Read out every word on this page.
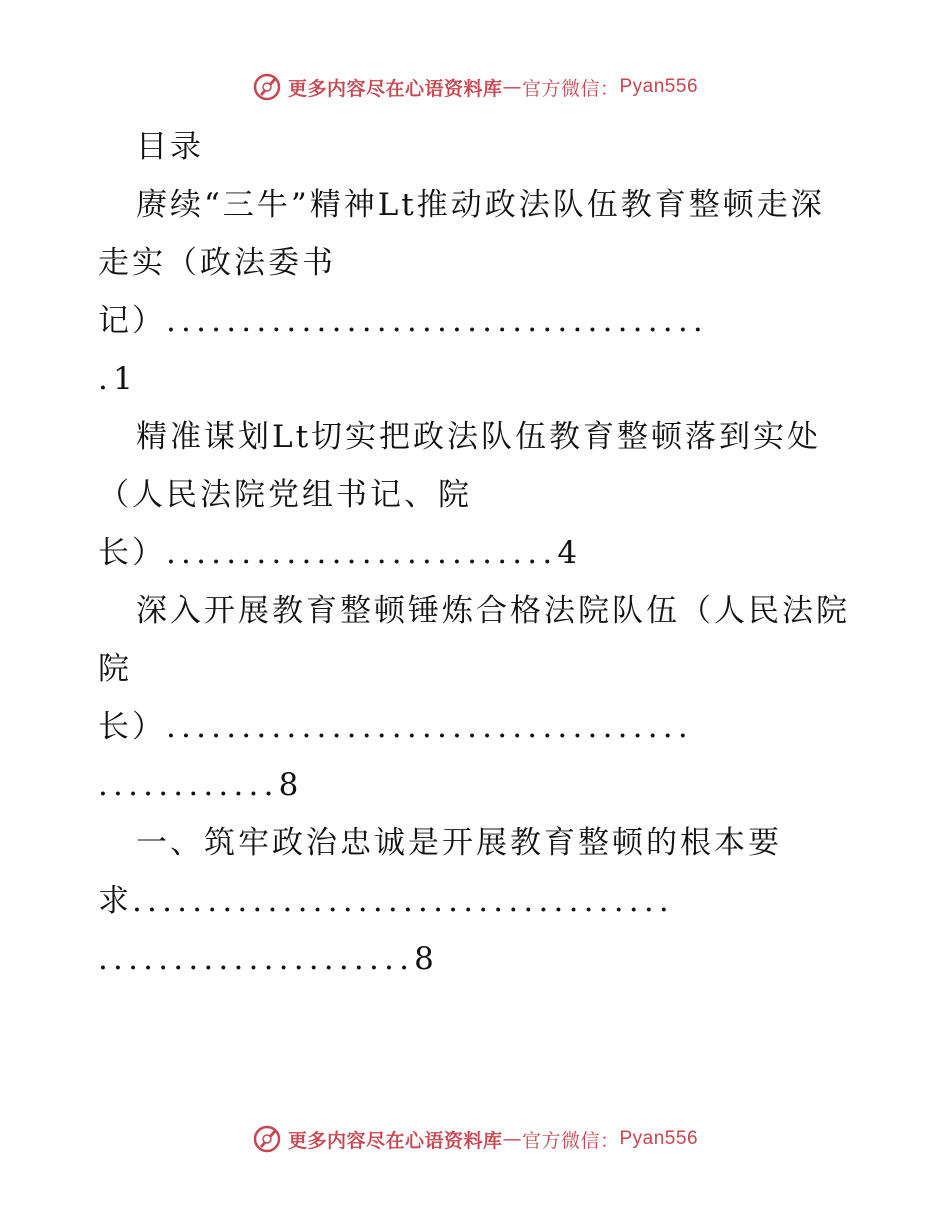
更多内容尽在心语资料库 — 官方微信： Pyan556
目录
赓续“三牛”精神Lt推动政法队伍教育整顿走深
走实（政法委书
记）....................................
.1
精准谋划Lt切实把政法队伍教育整顿落到实处
（人民法院党组书记、院
长）..........................4
深入开展教育整顿锤炼合格法院队伍（人民法院
院
长）...................................
............8
一、筑牢政治忠诚是开展教育整顿的根本要
求....................................
.....................8
更多内容尽在心语资料库 — 官方微信： Pyan556
